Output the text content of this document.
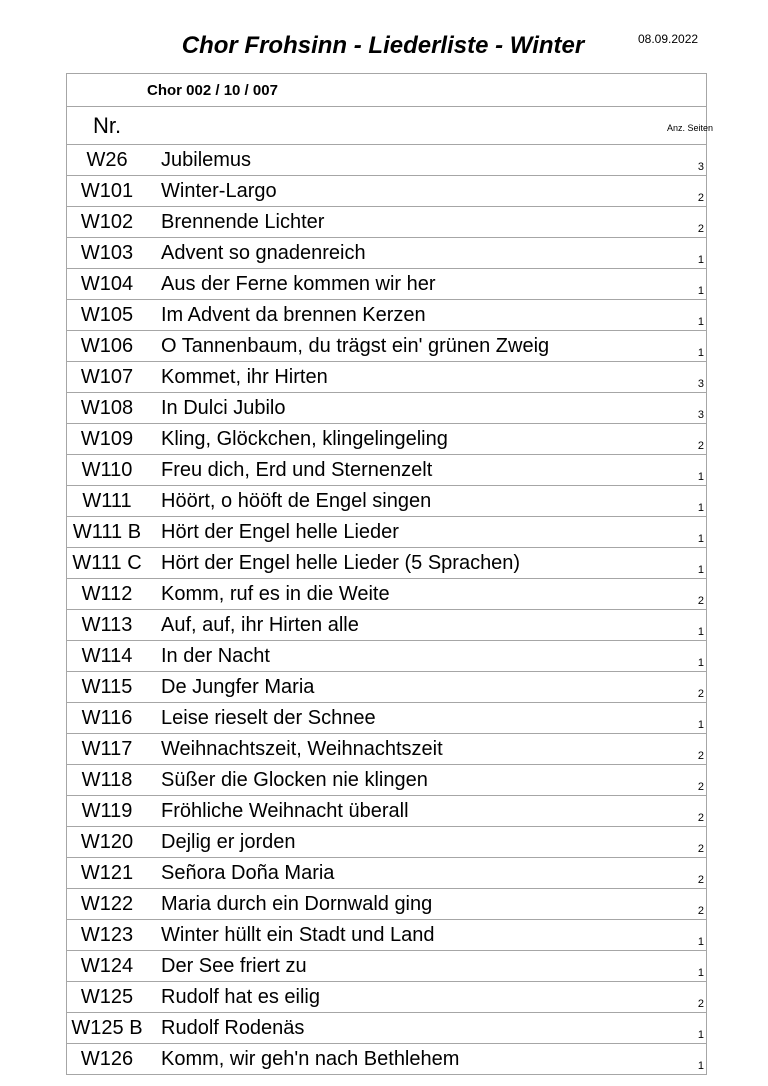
Chor Frohsinn - Liederliste - Winter	08.09.2022
	Chor 002 / 10 / 007	
Nr.		Anz. Seiten
W26	Jubilemus	3
W101	Winter-Largo	2
W102	Brennende Lichter	2
W103	Advent so gnadenreich	1
W104	Aus der Ferne kommen wir her	1
W105	Im Advent da brennen Kerzen	1
W106	O Tannenbaum, du trägst ein' grünen Zweig	1
W107	Kommet, ihr Hirten	3
W108	In Dulci Jubilo	3
W109	Kling, Glöckchen, klingelingeling	2
W110	Freu dich, Erd und Sternenzelt	1
W111	Höört, o hööft de Engel singen	1
W111 B	Hört der Engel helle Lieder	1
W111 C	Hört der Engel helle Lieder (5 Sprachen)	1
W112	Komm, ruf es in die Weite	2
W113	Auf, auf, ihr Hirten alle	1
W114	In der Nacht	1
W115	De Jungfer Maria	2
W116	Leise rieselt der Schnee	1
W117	Weihnachtszeit, Weihnachtszeit	2
W118	Süßer die Glocken nie klingen	2
W119	Fröhliche Weihnacht überall	2
W120	Dejlig er jorden	2
W121	Señora Doña Maria	2
W122	Maria durch ein Dornwald ging	2
W123	Winter hüllt ein Stadt und Land	1
W124	Der See friert zu	1
W125	Rudolf hat es eilig	2
W125 B	Rudolf Rodenäs	1
W126	Komm, wir geh'n nach Bethlehem	1
